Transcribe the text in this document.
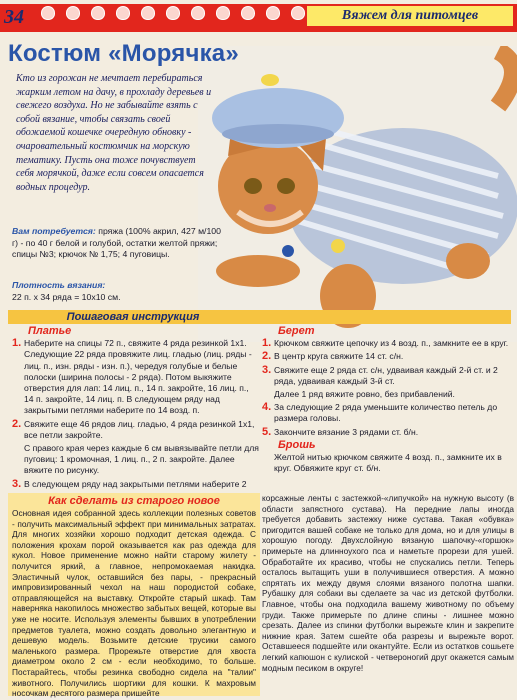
34	Вяжем для питомцев
Костюм «Морячка»
Кто из горожан не мечтает перебираться жарким летом на дачу, в прохладу деревьев и свежего воздуха. Но не забывайте взять с собой вязание, чтобы связать своей обожаемой кошечке очередную обновку - очаровательный костюмчик на морскую тематику. Пусть она тоже почувствует себя морячкой, даже если совсем опасается водных процедур.
Вам потребуется: пряжа (100% акрил, 427 м/100 г) - по 40 г белой и голубой, остатки желтой пряжи; спицы №3; крючок № 1,75; 4 пуговицы.
Плотность вязания:
22 п. х 34 ряда = 10х10 см.
Пошаговая инструкция
Платье
1. Наберите на спицы 72 п., свяжите 4 ряда резинкой 1х1. Следующие 22 ряда провяжите лиц. гладью (лиц. ряды - лиц. п., изн. ряды - изн. п.), чередуя голубые и белые полоски (ширина полосы - 2 ряда). Потом выкяжите отверстия для лап: 14 лиц. п., 14 п. закройте, 16 лиц. п., 14 п. закройте, 14 лиц. п. В следующем ряду над закрытыми петлями наберите по 14 возд. п.
2. Свяжите еще 46 рядов лиц. гладью, 4 ряда резинкой 1х1, все петли закройте.
С правого края через каждые 6 см вывязывайте петли для пуговиц: 1 кромочная, 1 лиц. п., 2 п. закройте. Далее вяжите по рисунку.
3. В следующем ряду над закрытыми петлями наберите 2
Берет
1. Крючком свяжите цепочку из 4 возд. п., замкните ее в круг.
2. В центр круга свяжите 14 ст. с/н.
3. Свяжите еще 2 ряда ст. с/н, удваивая каждый 2-й ст. и 2 ряда, удваивая каждый 3-й ст.
Далее 1 ряд вяжите ровно, без прибавлений.
4. За следующие 2 ряда уменьшите количество петель до размера головы.
5. Закончите вязание 3 рядами ст. б/н.
Брошь
Желтой нитью крючком свяжите 4 возд. п., замкните их в круг. Обвяжите круг ст. б/н.
Как сделать из старого новое
Основная идея собранной здесь коллекции полезных советов - получить максимальный эффект при минимальных затратах. Для многих хозяйки хорошо подходит детская одежда. С положения крохам порой оказывается как раз одежда для кукол. Новое применение можно найти старому жилету - получится яркий, а главное, непромокаемая накидка. Эластичный чулок, оставшийся без пары, - прекрасный импровизированный чехол на наш породистой собаке, отправляющейся на выставку. Откройте старый шкаф. Там наверняка накопилось множество забытых вещей, которые вы уже не носите. Используя элементы бывших в употреблении предметов туалета, можно создать довольно элегантную и дешевую модель. Возьмите детские трусики самого маленького размера. Прорежьте отверстие для хвоста диаметром около 2 см - если необходимо, то больше. Постарайтесь, чтобы резинка свободно сидела на "талии" животного. Получились шортики для кошки. К махровым носочкам десятого размера пришейте
корсажные ленты с застежкой-«липучкой» на нужную высоту (в области запястного сустава). На передние лапы иногда требуется добавить застежку ниже сустава. Такая «обувка» пригодится вашей собаке не только для дома, но и для улицы в хорошую погоду. Двухслойную вязаную шапочку-«горшок» примерьте на длинноухого пса и наметьте прорези для ушей. Обработайте их красиво, чтобы не спускались петли. Теперь осталось вытащить уши в получившиеся отверстия. А можно спрятать их между двумя слоями вязаного полотна шапки. Рубашку для собаки вы сделаете за час из детской футболки. Главное, чтобы она подходила вашему животному по объему груди. Также примерьте по длине спины - лишнее можно срезать. Далее из спинки футболки вырежьте клин и закрепите нижние края. Затем сшейте оба разрезы и вырежьте ворот. Оставшееся подшейте или окантуйте. Если из остатков сошьете легкий капюшон с кулиской - четвероногий друг окажется самым модным песиком в округе!
